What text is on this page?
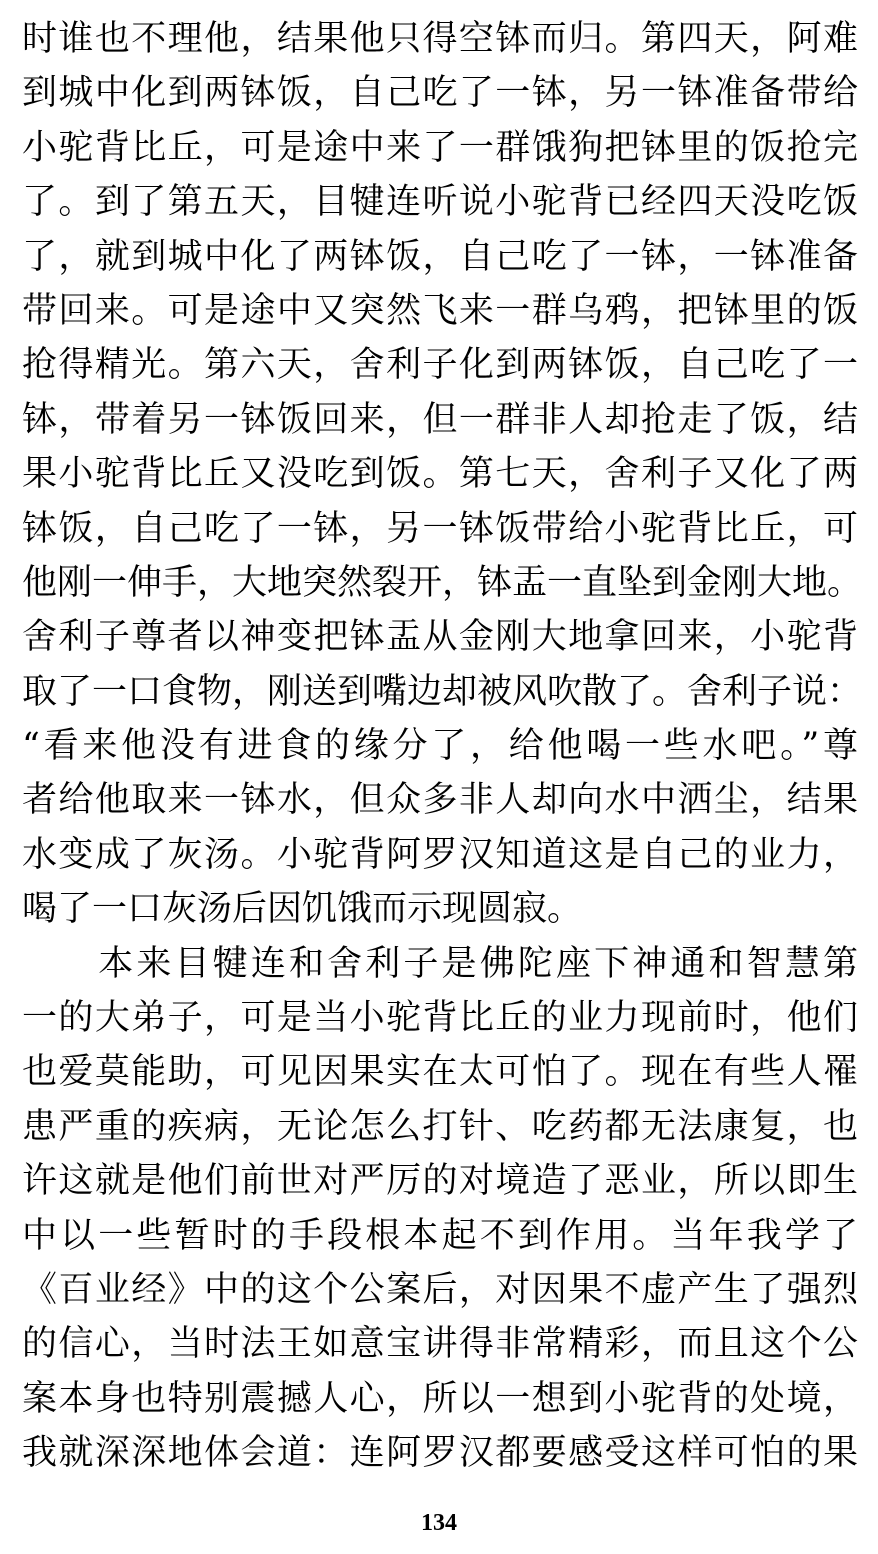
时谁也不理他，结果他只得空钵而归。第四天，阿难
到城中化到两钵饭，自己吃了一钵，另一钵准备带给
小驼背比丘，可是途中来了一群饿狗把钵里的饭抢完
了。到了第五天，目犍连听说小驼背已经四天没吃饭
了，就到城中化了两钵饭，自己吃了一钵，一钵准备
带回来。可是途中又突然飞来一群乌鸦，把钵里的饭
抢得精光。第六天，舍利子化到两钵饭，自己吃了一
钵，带着另一钵饭回来，但一群非人却抢走了饭，结
果小驼背比丘又没吃到饭。第七天，舍利子又化了两
钵饭，自己吃了一钵，另一钵饭带给小驼背比丘，可
他刚一伸手，大地突然裂开，钵盂一直坠到金刚大地。
舍利子尊者以神变把钵盂从金刚大地拿回来，小驼背
取了一口食物，刚送到嘴边却被风吹散了。舍利子说：
“看来他没有进食的缘分了，给他喝一些水吧。”尊
者给他取来一钵水，但众多非人却向水中洒尘，结果
水变成了灰汤。小驼背阿罗汉知道这是自己的业力，
喝了一口灰汤后因饥饿而示现圆寂。
　　本来目犍连和舍利子是佛陀座下神通和智慧第
一的大弟子，可是当小驼背比丘的业力现前时，他们
也爱莫能助，可见因果实在太可怕了。现在有些人罹
患严重的疾病，无论怎么打针、吃药都无法康复，也
许这就是他们前世对严厉的对境造了恶业，所以即生
中以一些暂时的手段根本起不到作用。当年我学了
《百业经》中的这个公案后，对因果不虚产生了强烈
的信心，当时法王如意宝讲得非常精彩，而且这个公
案本身也特别震撼人心，所以一想到小驼背的处境，
我就深深地体会道：连阿罗汉都要感受这样可怕的果
134
